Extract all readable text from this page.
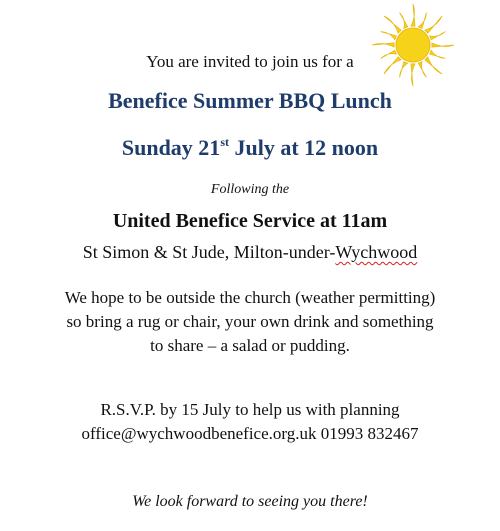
You are invited to join us for a
Benefice Summer BBQ Lunch
Sunday 21st July at 12 noon
Following the
United Benefice Service at 11am
St Simon & St Jude, Milton-under-Wychwood
We hope to be outside the church (weather permitting)
so bring a rug or chair, your own drink and something
to share – a salad or pudding.
R.S.V.P. by 15 July to help us with planning
office@wychwoodbenefice.org.uk 01993 832467
We look forward to seeing you there!
